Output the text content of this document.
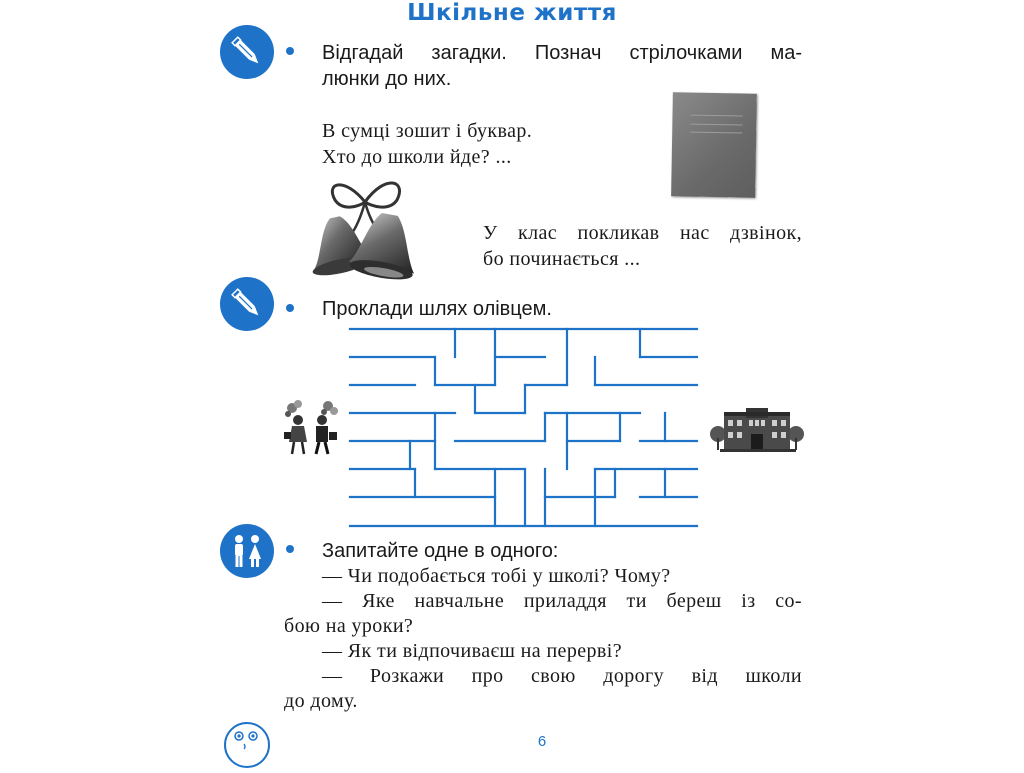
Шкільне життя
Відгадай загадки. Познач стрілочками ма-
люнки до них.
В сумці зошит і буквар.
Хто до школи йде? ...
У клас покликав нас дзвінок,
бо починається ...
Проклади шлях олівцем.
Запитайте одне в одного:
— Чи подобається тобі у школі? Чому?
— Яке навчальне приладдя ти береш із со-
бою на уроки?
— Як ти відпочиваєш на перерві?
— Розкажи про свою дорогу від школи
до дому.
6
